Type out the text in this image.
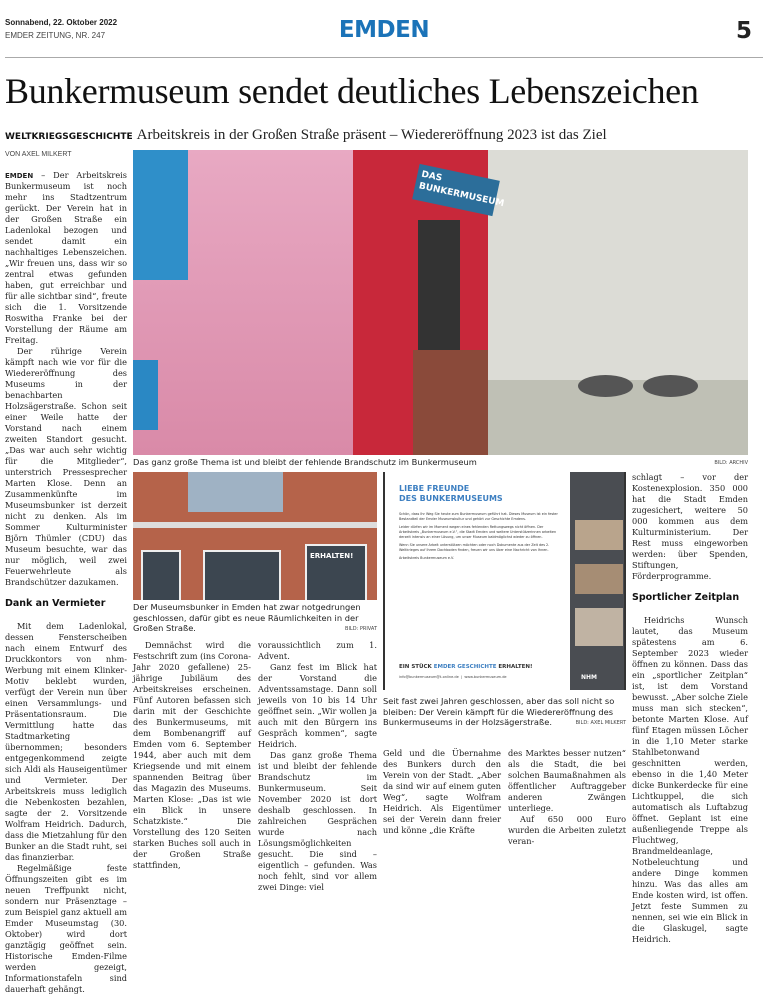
Sonnabend, 22. Oktober 2022
EMDER ZEITUNG, NR. 247	EMDEN	5
Bunkermuseum sendet deutliches Lebenszeichen
WELTKRIEGSGESCHICHTE Arbeitskreis in der Großen Straße präsent – Wiedereröffnung 2023 ist das Ziel
VON AXEL MILKERT

EMDEN – Der Arbeitskreis Bunkermuseum ist noch mehr ins Stadtzentrum gerückt. Der Verein hat in der Großen Straße ein Ladenlokal bezogen und sendet damit ein nachhaltiges Lebenszeichen. „Wir freuen uns, dass wir so zentral etwas gefunden haben, gut erreichbar und für alle sichtbar sind“, freute sich die 1. Vorsitzende Roswitha Franke bei der Vorstellung der Räume am Freitag.

Der rührige Verein kämpft nach wie vor für die Wiedereröffnung des Museums in der benachbarten Holzsägerstraße. Schon seit einer Weile hatte der Vorstand nach einem zweiten Standort gesucht. „Das war auch sehr wichtig für die Mitglieder“, unterstrich Pressesprecher Marten Klose. Denn an Zusammenkünfte im Museumsbunker ist derzeit nicht zu denken. Als im Sommer Kulturminister Björn Thümler (CDU) das Museum besuchte, war das nur möglich, weil zwei Feuerwehrleute als Brandschützer dazukamen.

Dank an Vermieter

Mit dem Ladenlokal, dessen Fensterscheiben nach einem Entwurf des Druckkontors von nhm-Werbung mit einem Klinker-Motiv beklebt wurden, verfügt der Verein nun über einen Versammlungs- und Präsentationsraum. Die Vermittlung hatte das Stadtmarketing übernommen; besonders entgegenkommend zeigte sich Aldi als Hauseigentümer und Vermieter. Der Arbeitskreis muss lediglich die Nebenkosten bezahlen, sagte der 2. Vorsitzende Wolfram Heidrich. Dadurch, dass die Mietzahlung für den Bunker an die Stadt ruht, sei das finanzierbar.

Regelmäßige feste Öffnungszeiten gibt es im neuen Treffpunkt nicht, sondern nur Präsenztage – zum Beispiel ganz aktuell am Emder Museumstag (30. Oktober) wird dort ganztägig geöffnet sein. Historische Emden-Filme werden gezeigt, Informationstafeln sind dauerhaft gehängt.

DAS BUNKERMUSEUM
Das ganz große Thema ist und bleibt der fehlende Brandschutz im Bunkermuseum	BILD: ARCHIV
ERHALTEN!
Der Museumsbunker in Emden hat zwar notgedrungen geschlossen, dafür gibt es neue Räumlichkeiten in der Großen Straße.	BILD: PRIVAT
NHM
LIEBE FREUNDE
DES BUNKERMUSEUMS

Schön, dass Ihr Weg Sie heute zum Bunkermuseum geführt hat. Dieses Museum ist ein fester Bestandteil der Emder Museumskultur und gehört zur Geschichte Emdens.

Leider dürfen wir im Moment wegen eines fehlenden Rettungswegs nicht öffnen. Der Arbeitskreis „Bunkermuseum e.V.“, die Stadt Emden und weitere Unterstützerinnen arbeiten derzeit intensiv an einer Lösung, um unser Museum baldmöglichst wieder zu öffnen.

Wenn Sie unsere Arbeit unterstützen möchten oder noch Dokumente aus der Zeit des 2. Weltkrieges auf Ihrem Dachboden finden, freuen wir uns über eine Nachricht von Ihnen.

Arbeitskreis Bunkermuseum e.V.

EIN STÜCK EMDER GESCHICHTE ERHALTEN!
info@bunkermuseum@t-online.de  |  www.bunkermuseum.de
Seit fast zwei Jahren geschlossen, aber das soll nicht so bleiben: Der Verein kämpft für die Wiedereröffnung des Bunkermuseums in der Holzsägerstraße.	BILD: AXEL MILKERT

Demnächst wird die Festschrift zum (ins Corona-Jahr 2020 gefallene) 25-jährige Jubiläum des Arbeitskreises erscheinen. Fünf Autoren befassen sich darin mit der Geschichte des Bunkermuseums, mit dem Bombenangriff auf Emden vom 6. September 1944, aber auch mit dem Kriegsende und mit einem spannenden Beitrag über das Magazin des Museums. Marten Klose: „Das ist wie ein Blick in unsere Schatzkiste.“ Die Vorstellung des 120 Seiten starken Buches soll auch in der Großen Straße stattfinden,

voraussichtlich zum 1. Advent.

Ganz fest im Blick hat der Vorstand die Adventssamstage. Dann soll jeweils von 10 bis 14 Uhr geöffnet sein. „Wir wollen ja auch mit den Bürgern ins Gespräch kommen“, sagte Heidrich.

Das ganz große Thema ist und bleibt der fehlende Brandschutz im Bunkermuseum. Seit November 2020 ist dort deshalb geschlossen. In zahlreichen Gesprächen wurde nach Lösungsmöglichkeiten gesucht. Die sind – eigentlich – gefunden. Was noch fehlt, sind vor allem zwei Dinge: viel

Geld und die Übernahme des Bunkers durch den Verein von der Stadt. „Aber da sind wir auf einem guten Weg“, sagte Wolfram Heidrich. Als Eigentümer sei der Verein dann freier und könne „die Kräfte

des Marktes besser nutzen“ als die Stadt, die bei solchen Baumaßnahmen als öffentlicher Auftraggeber anderen Zwängen unterliege.

Auf 650 000 Euro wurden die Arbeiten zuletzt veran-

schlagt – vor der Kostenexplosion. 350 000 hat die Stadt Emden zugesichert, weitere 50 000 kommen aus dem Kulturministerium. Der Rest muss eingeworben werden: über Spenden, Stiftungen, Förderprogramme.

Sportlicher Zeitplan

Heidrichs Wunsch lautet, das Museum spätestens am 6. September 2023 wieder öffnen zu können. Dass das ein „sportlicher Zeitplan“ ist, ist dem Vorstand bewusst. „Aber solche Ziele muss man sich stecken“, betonte Marten Klose. Auf fünf Etagen müssen Löcher in die 1,10 Meter starke Stahlbetonwand geschnitten werden, ebenso in die 1,40 Meter dicke Bunkerdecke für eine Lichtkuppel, die sich automatisch als Luftabzug öffnet. Geplant ist eine außenliegende Treppe als Fluchtweg, Brandmeldeanlage, Notbeleuchtung und andere Dinge kommen hinzu. Was das alles am Ende kosten wird, ist offen. Jetzt feste Summen zu nennen, sei wie ein Blick in die Glaskugel, sagte Heidrich.
